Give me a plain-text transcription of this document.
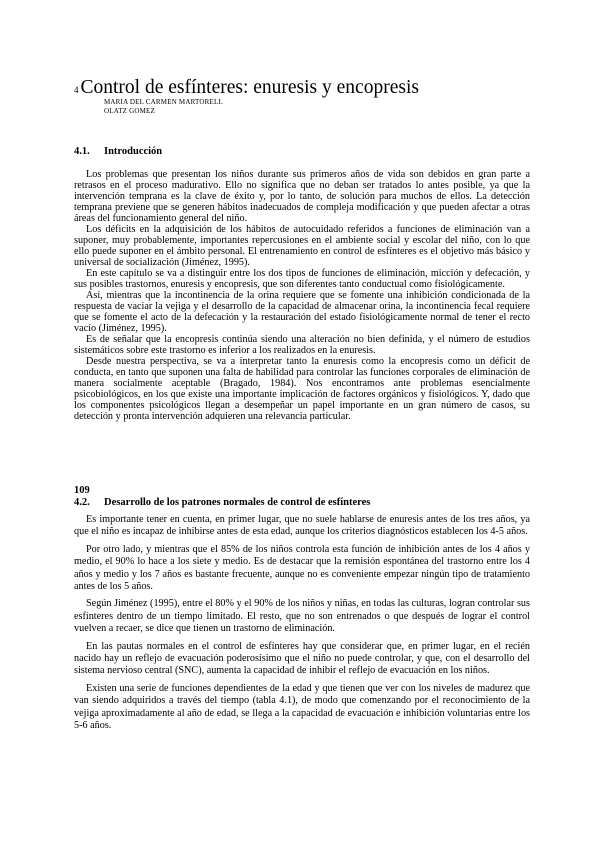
4 Control de esfínteres: enuresis y encopresis
MARIA DEL CARMEN MARTORELL
OLATZ GOMEZ
4.1. Introducción

Los problemas que presentan los niños durante sus primeros años de vida son debidos en gran parte a retrasos en el proceso madurativo. Ello no significa que no deban ser tratados lo antes posible, ya que la intervención temprana es la clave de éxito y, por lo tanto, de solución para muchos de ellos. La detección temprana previene que se generen hábitos inadecuados de compleja modificación y que pueden afectar a otras áreas del funcionamiento general del niño.

Los déficits en la adquisición de los hábitos de autocuidado referidos a funciones de eliminación van a suponer, muy probablemente, importantes repercusiones en el ambiente social y escolar del niño, con lo que ello puede suponer en el ámbito personal. El entrenamiento en control de esfínteres es el objetivo más básico y universal de socialización (Jiménez, 1995).

En este capítulo se va a distinguir entre los dos tipos de funciones de eliminación, micción y defecación, y sus posibles trastornos, enuresis y encopresis, que son diferentes tanto conductual como fisiológicamente.

Así, mientras que la incontinencia de la orina requiere que se fomente una inhibición condicionada de la respuesta de vaciar la vejiga y el desarrollo de la capacidad de almacenar orina, la incontinencia fecal requiere que se fomente el acto de la defecación y la restauración del estado fisiológicamente normal de tener el recto vacío (Jiménez, 1995).

Es de señalar que la encopresis continúa siendo una alteración no bien definida, y el número de estudios sistemáticos sobre este trastorno es inferior a los realizados en la enuresis.

Desde nuestra perspectiva, se va a interpretar tanto la enuresis como la encopresis como un déficit de conducta, en tanto que suponen una falta de habilidad para controlar las funciones corporales de eliminación de manera socialmente aceptable (Bragado, 1984). Nos encontramos ante problemas esencialmente psicobiológicos, en los que existe una importante implicación de factores orgánicos y fisiológicos. Y, dado que los componentes psicológicos llegan a desempeñar un papel importante en un gran número de casos, su detección y pronta intervención adquieren una relevancia particular.

109
4.2. Desarrollo de los patrones normales de control de esfínteres

Es importante tener en cuenta, en primer lugar, que no suele hablarse de enuresis antes de los tres años, ya que el niño es incapaz de inhibirse antes de esta edad, aunque los criterios diagnósticos establecen los 4-5 años.

Por otro lado, y mientras que el 85% de los niños controla esta función de inhibición antes de los 4 años y medio, el 90% lo hace a los siete y medio. Es de destacar que la remisión espontánea del trastorno entre los 4 años y medio y los 7 años es bastante frecuente, aunque no es conveniente empezar ningún tipo de tratamiento antes de los 5 años.

Según Jiménez (1995), entre el 80% y el 90% de los niños y niñas, en todas las culturas, logran controlar sus esfínteres dentro de un tiempo limitado. El resto, que no son entrenados o que después de lograr el control vuelven a recaer, se dice que tienen un trastorno de eliminación.

En las pautas normales en el control de esfínteres hay que considerar que, en primer lugar, en el recién nacido hay un reflejo de evacuación poderosísimo que el niño no puede controlar, y que, con el desarrollo del sistema nervioso central (SNC), aumenta la capacidad de inhibir el reflejo de evacuación en los niños.

Existen una serie de funciones dependientes de la edad y que tienen que ver con los niveles de madurez que van siendo adquiridos a través del tiempo (tabla 4.1), de modo que comenzando por el reconocimiento de la vejiga aproximadamente al año de edad, se llega a la capacidad de evacuación e inhibición voluntarias entre los 5-6 años.
